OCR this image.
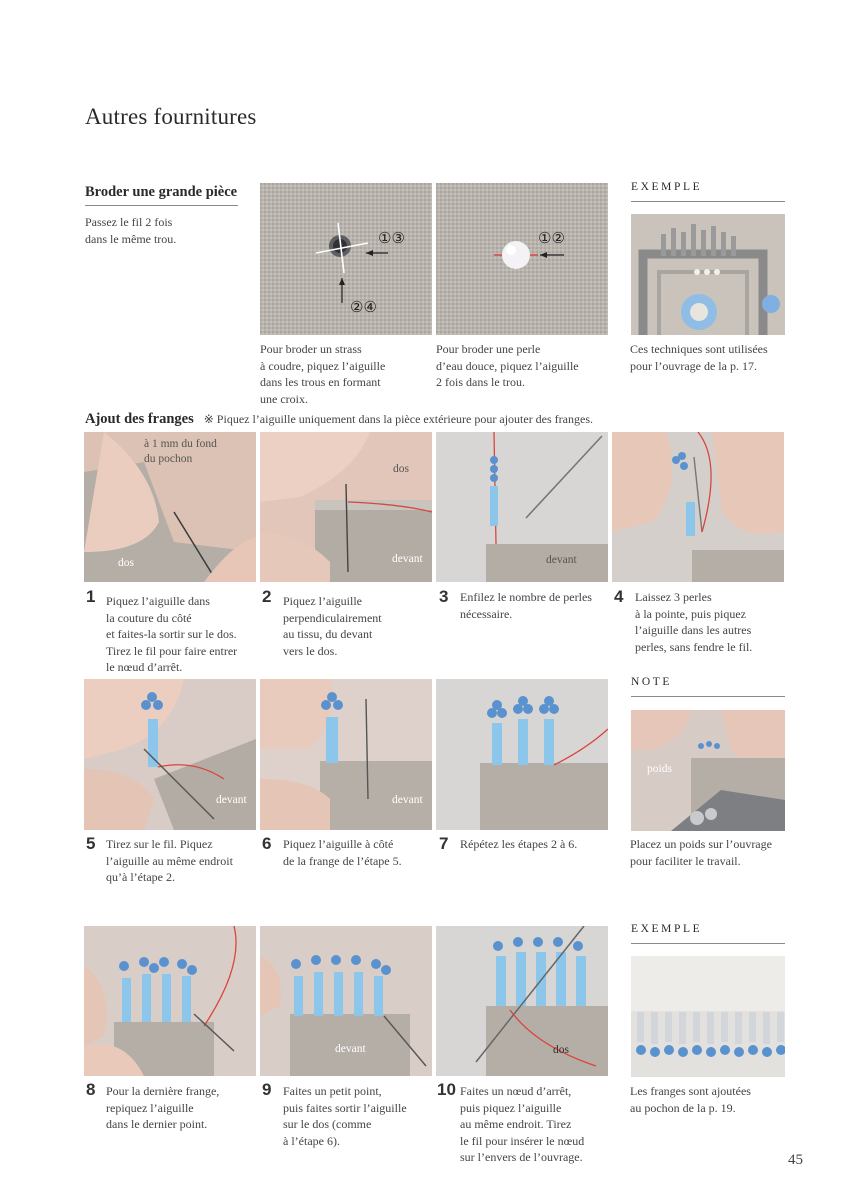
Autres fournitures
Broder une grande pièce
Passez le fil 2 fois
dans le même trou.	①③
②④
①②
Pour broder un strass
à coudre, piquez l’aiguille
dans les trous en formant
une croix.
Pour broder une perle
d’eau douce, piquez l’aiguille
2 fois dans le trou.
EXEMPLE
Ces techniques sont utilisées
pour l’ouvrage de la p. 17.
Ajout des franges ※ Piquez l’aiguille uniquement dans la pièce extérieure pour ajouter des franges.
à 1 mm du fond
du pochon
dos
dos
devant	devant
1 Piquez l’aiguille dans
la couture du côté
et faites-la sortir sur le dos.
Tirez le fil pour faire entrer
le nœud d’arrêt.
2 Piquez l’aiguille
perpendiculairement
au tissu, du devant
vers le dos.
3 Enfilez le nombre de perles
nécessaire.
4 Laissez 3 perles
à la pointe, puis piquez
l’aiguille dans les autres
perles, sans fendre le fil.
devant	devant
NOTE
poids
5 Tirez sur le fil. Piquez
l’aiguille au même endroit
qu’à l’étape 2.
6 Piquez l’aiguille à côté
de la frange de l’étape 5.
7 Répétez les étapes 2 à 6.	Placez un poids sur l’ouvrage
pour faciliter le travail.
devant	dos
EXEMPLE
8 Pour la dernière frange,
repiquez l’aiguille
dans le dernier point.
9 Faites un petit point,
puis faites sortir l’aiguille
sur le dos (comme
à l’étape 6).
10 Faites un nœud d’arrêt,
puis piquez l’aiguille
au même endroit. Tirez
le fil pour insérer le nœud
sur l’envers de l’ouvrage.
Les franges sont ajoutées
au pochon de la p. 19.
45
